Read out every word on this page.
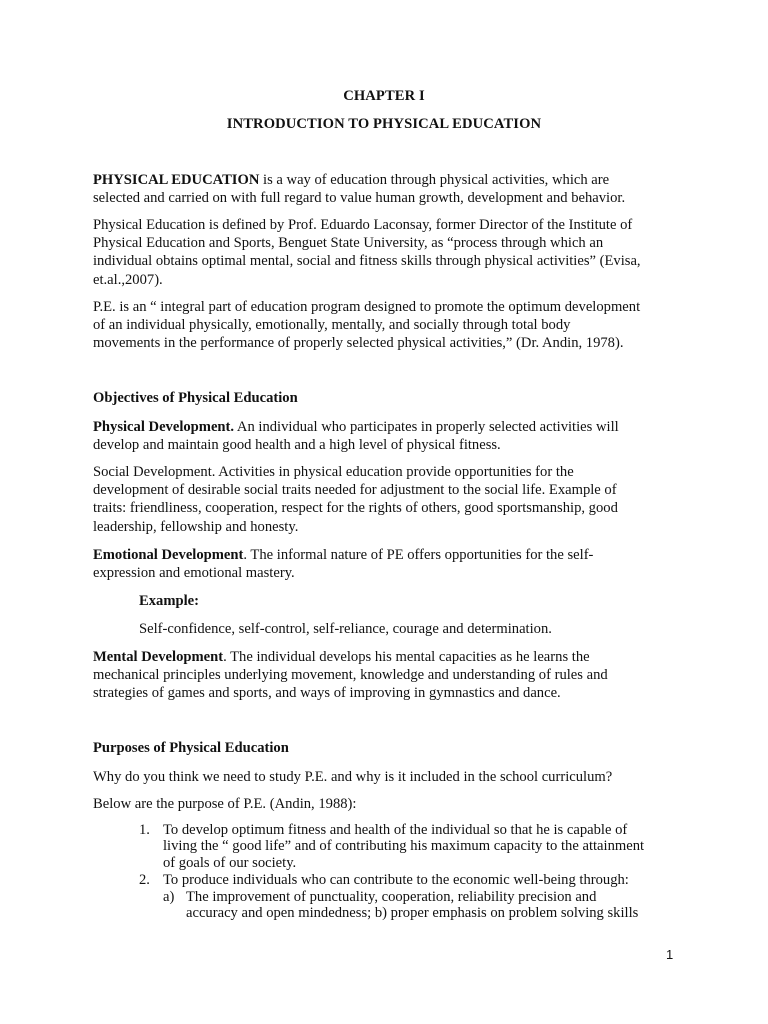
CHAPTER I
INTRODUCTION TO PHYSICAL EDUCATION

PHYSICAL EDUCATION is a way of education through physical activities, which are
selected and carried on with full regard to value human growth, development and behavior.

Physical Education is defined by Prof. Eduardo Laconsay, former Director of the Institute of
Physical Education and Sports, Benguet State University, as “process through which an
individual obtains optimal mental, social and fitness skills through physical activities” (Evisa,
et.al.,2007).

P.E. is an “ integral part of education program designed to promote the optimum development
of an individual physically, emotionally, mentally, and socially through total body
movements in the performance of properly selected physical activities,” (Dr. Andin, 1978).

Objectives of Physical Education

Physical Development. An individual who participates in properly selected activities will
develop and maintain good health and a high level of physical fitness.

Social Development. Activities in physical education provide opportunities for the
development of desirable social traits needed for adjustment to the social life. Example of
traits: friendliness, cooperation, respect for the rights of others, good sportsmanship, good
leadership, fellowship and honesty.

Emotional Development. The informal nature of PE offers opportunities for the self-
expression and emotional mastery.

Example:

Self-confidence, self-control, self-reliance, courage and determination.

Mental Development. The individual develops his mental capacities as he learns the
mechanical principles underlying movement, knowledge and understanding of rules and
strategies of games and sports, and ways of improving in gymnastics and dance.

Purposes of Physical Education

Why do you think we need to study P.E. and why is it included in the school curriculum?

Below are the purpose of P.E. (Andin, 1988):

1. To develop optimum fitness and health of the individual so that he is capable of
living the “ good life” and of contributing his maximum capacity to the attainment
of goals of our society.
2. To produce individuals who can contribute to the economic well-being through:
a) The improvement of punctuality, cooperation, reliability precision and
accuracy and open mindedness; b) proper emphasis on problem solving skills
1
